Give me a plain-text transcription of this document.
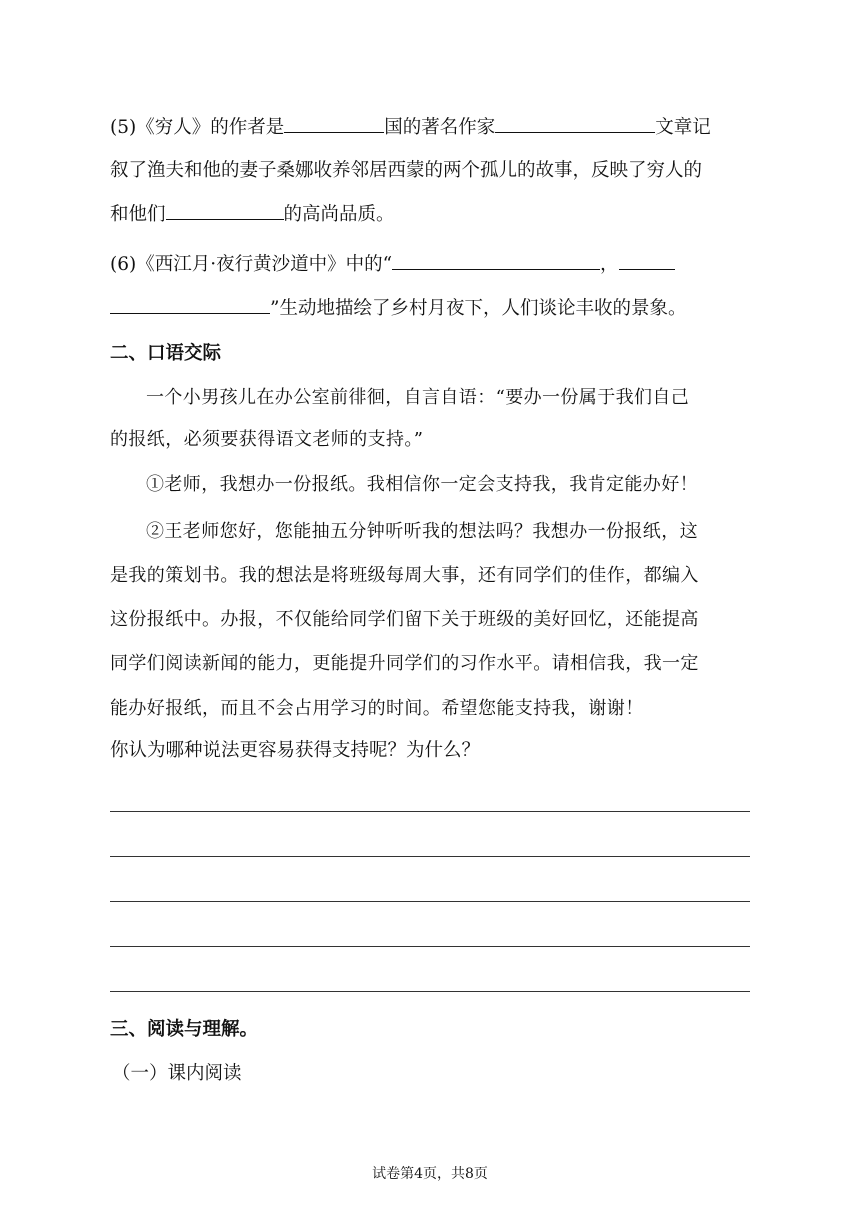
(5)《穷人》的作者是	国的著名作家	文章记
叙了渔夫和他的妻子桑娜收养邻居西蒙的两个孤儿的故事，反映了穷人的
和他们	的高尚品质。
(6)《西江月·夜行黄沙道中》中的“	，
”生动地描绘了乡村月夜下，人们谈论丰收的景象。
二、口语交际
一个小男孩儿在办公室前徘徊，自言自语：“要办一份属于我们自己
的报纸，必须要获得语文老师的支持。”
①老师，我想办一份报纸。我相信你一定会支持我，我肯定能办好！
②王老师您好，您能抽五分钟听听我的想法吗？我想办一份报纸，这
是我的策划书。我的想法是将班级每周大事，还有同学们的佳作，都编入
这份报纸中。办报，不仅能给同学们留下关于班级的美好回忆，还能提高
同学们阅读新闻的能力，更能提升同学们的习作水平。请相信我，我一定
能办好报纸，而且不会占用学习的时间。希望您能支持我，谢谢！
你认为哪种说法更容易获得支持呢？为什么？
三、阅读与理解。
（一）课内阅读
试卷第4页，共8页
